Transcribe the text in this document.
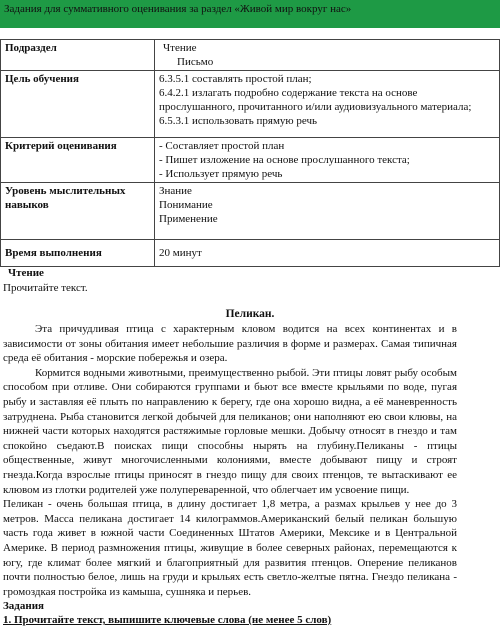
Задания для суммативного оценивания за раздел «Живой мир вокруг нас»
Подраздел	Чтение
Письмо

Цель обучения	6.3.5.1 составлять простой план;
6.4.2.1 излагать подробно содержание текста на основе прослушанного, прочитанного и/или аудиовизуального материала;
6.5.3.1 использовать прямую речь

Критерий оценивания	- Составляет простой план
- Пишет изложение на основе прослушанного текста;
- Использует прямую речь

Уровень мыслительных навыков	Знание
Понимание
Применение

Время выполнения	20 минут
Чтение
Прочитайте текст.
Пеликан.

Эта причудливая птица с характерным кловом водится на всех континентах и в зависимости от зоны обитания имеет небольшие различия в форме и размерах. Самая типичная среда её обитания - морские побережья и озера.

Кормится водными животными, преимущественно рыбой. Эти птицы ловят рыбу особым способом при отливе. Они собираются группами и бьют все вместе крыльями по воде, пугая рыбу и заставляя её плыть по направлению к берегу, где она хорошо видна, а её маневренность затруднена. Рыба становится легкой добычей для пеликанов; они наполняют ею свои клювы, на нижней части которых находятся растяжимые горловые мешки. Добычу относят в гнездо и там спокойно съедают.В поисках пищи способны нырять на глубину.Пеликаны - птицы общественные, живут многочисленными колониями, вместе добывают пищу и строят гнезда.Когда взрослые птицы приносят в гнездо пищу для своих птенцов, те вытаскивают ее клювом из глотки родителей уже полупереваренной, что облегчает им усвоение пищи.

Пеликан - очень большая птица, в длину достигает 1,8 метра, а размах крыльев у нее до 3 метров. Масса пеликана достигает 14 килограммов.Американский белый пеликан большую часть года живет в южной части Соединенных Штатов Америки, Мексике и в Центральной Америке. В период размножения птицы, живущие в более северных районах, перемещаются к югу, где климат более мягкий и благоприятный для развития птенцов. Оперение пеликанов почти полностью белое, лишь на груди и крыльях есть светло-желтые пятна. Гнездо пеликана - громоздкая постройка из камыша, сушняка и перьев.

Задания
1. Прочитайте текст, выпишите ключевые слова (не менее 5 слов)
